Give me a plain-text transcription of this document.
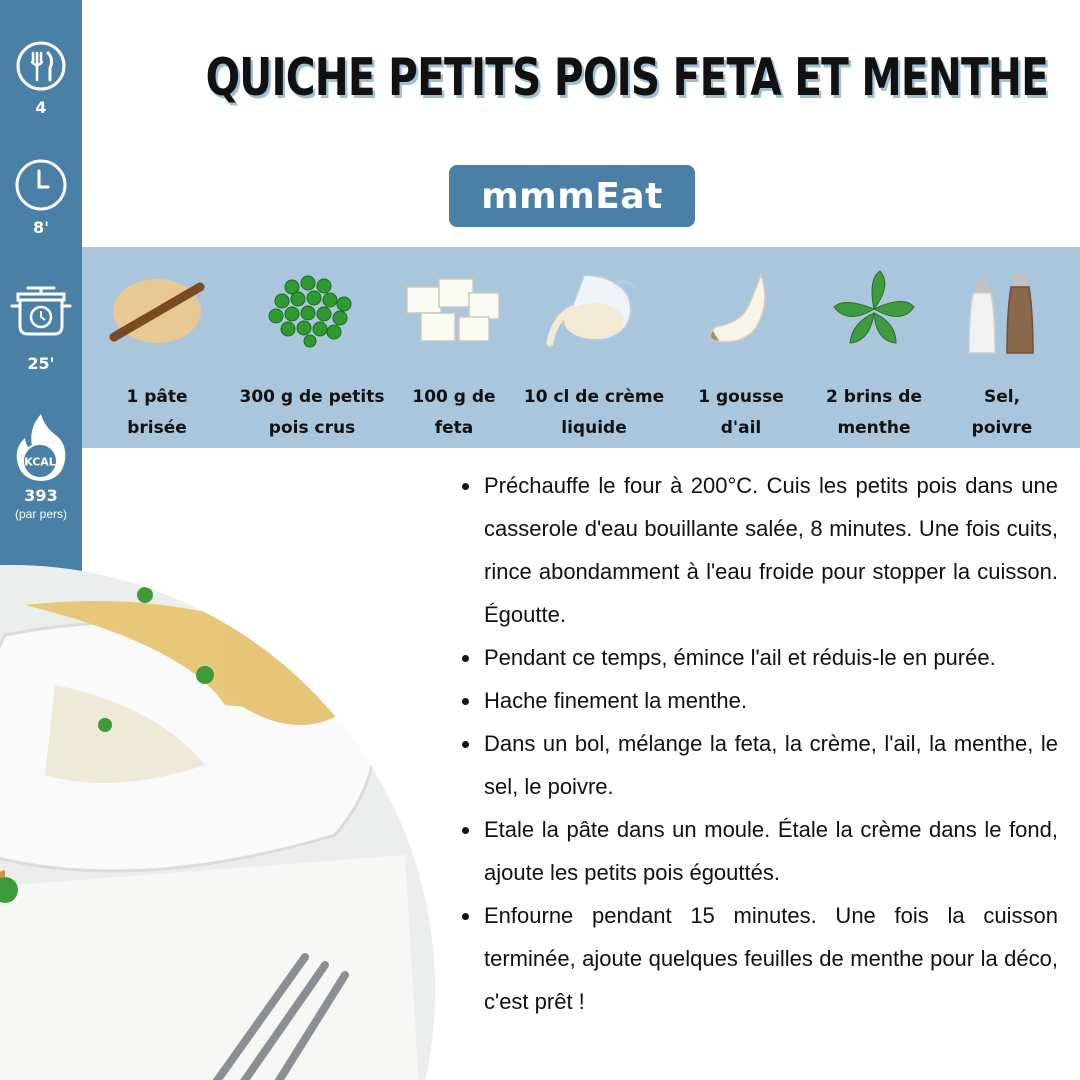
4
8'
25'
KCAL
393
(par pers)
QUICHE PETITS POIS FETA ET MENTHE
mmmEat
1 pâte
brisée
300 g de petits
pois crus
100 g de
feta
10 cl de crème
liquide
1 gousse
d'ail
2 brins de
menthe
Sel,
poivre
Préchauffe le four à 200°C. Cuis les petits pois dans une casserole d'eau bouillante salée, 8 minutes. Une fois cuits, rince abondamment à l'eau froide pour stopper la cuisson. Égoutte.
Pendant ce temps, émince l'ail et réduis-le en purée.
Hache finement la menthe.
Dans un bol, mélange la feta, la crème, l'ail, la menthe, le sel, le poivre.
Etale la pâte dans un moule. Étale la crème dans le fond, ajoute les petits pois égouttés.
Enfourne pendant 15 minutes. Une fois la cuisson terminée, ajoute quelques feuilles de menthe pour la déco, c'est prêt !
